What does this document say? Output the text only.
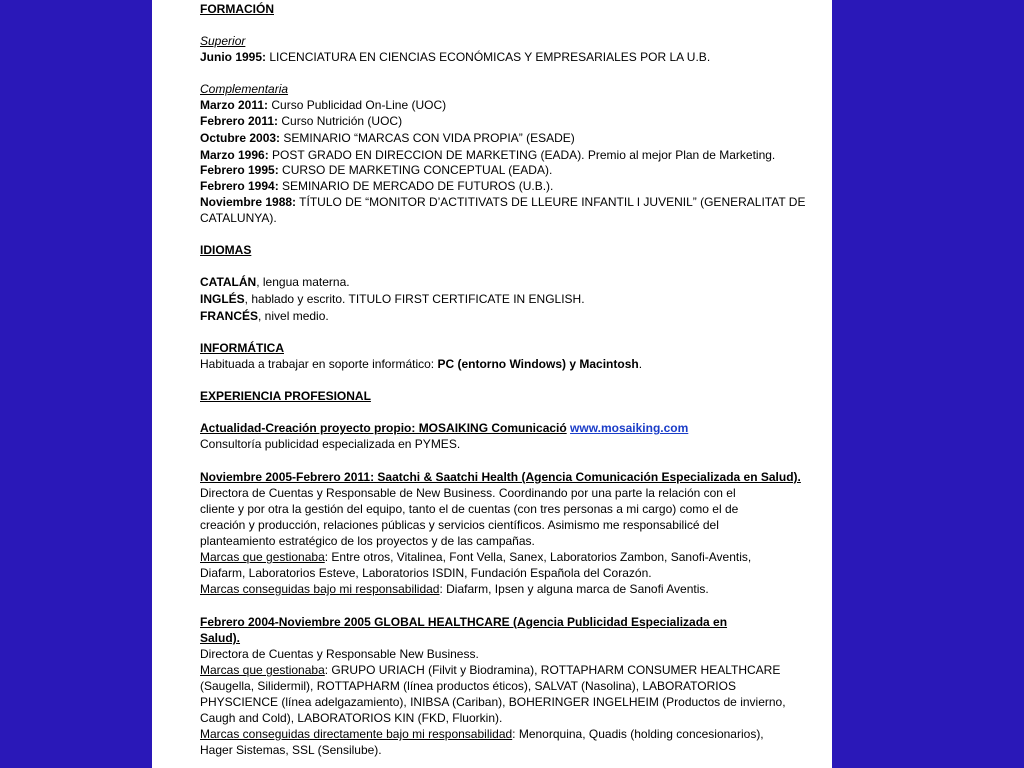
FORMACIÓN
Superior
Junio 1995: LICENCIATURA EN CIENCIAS ECONÓMICAS Y EMPRESARIALES POR LA U.B.
Complementaria
Marzo 2011: Curso Publicidad On-Line (UOC)
Febrero 2011: Curso Nutrición (UOC)
Octubre 2003: SEMINARIO “MARCAS CON VIDA PROPIA” (ESADE)
Marzo 1996: POST GRADO EN DIRECCION DE MARKETING (EADA). Premio al mejor Plan de Marketing.
Febrero 1995: CURSO DE MARKETING CONCEPTUAL (EADA).
Febrero 1994: SEMINARIO DE MERCADO DE FUTUROS (U.B.).
Noviembre 1988: TÍTULO DE “MONITOR D’ACTITIVATS DE LLEURE INFANTIL I JUVENIL” (GENERALITAT DE
CATALUNYA).
IDIOMAS
CATALÁN, lengua materna.
INGLÉS, hablado y escrito. TITULO FIRST CERTIFICATE IN ENGLISH.
FRANCÉS, nivel medio.
INFORMÁTICA
Habituada a trabajar en soporte informático: PC (entorno Windows) y Macintosh.
EXPERIENCIA PROFESIONAL
Actualidad-Creación proyecto propio: MOSAIKING Comunicació www.mosaiking.com
Consultoría publicidad especializada en PYMES.
Noviembre 2005-Febrero 2011: Saatchi & Saatchi Health (Agencia Comunicación Especializada en Salud).
Directora de Cuentas y Responsable de New Business. Coordinando por una parte la relación con el
cliente y por otra la gestión del equipo, tanto el de cuentas (con tres personas a mi cargo) como el de
creación y producción, relaciones públicas y servicios científicos. Asimismo me responsabilicé del
planteamiento estratégico de los proyectos y de las campañas.
Marcas que gestionaba: Entre otros, Vitalinea, Font Vella, Sanex, Laboratorios Zambon, Sanofi-Aventis,
Diafarm, Laboratorios Esteve, Laboratorios ISDIN, Fundación Española del Corazón.
Marcas conseguidas bajo mi responsabilidad: Diafarm, Ipsen y alguna marca de Sanofi Aventis.
Febrero 2004-Noviembre 2005 GLOBAL HEALTHCARE (Agencia Publicidad Especializada en
Salud).
Directora de Cuentas y Responsable New Business.
Marcas que gestionaba: GRUPO URIACH (Filvit y Biodramina), ROTTAPHARM CONSUMER HEALTHCARE
(Saugella, Silidermil), ROTTAPHARM (línea productos éticos), SALVAT (Nasolina), LABORATORIOS
PHYSCIENCE (línea adelgazamiento), INIBSA (Cariban), BOHERINGER INGELHEIM (Productos de invierno,
Caugh and Cold), LABORATORIOS KIN (FKD, Fluorkin).
Marcas conseguidas directamente bajo mi responsabilidad: Menorquina, Quadis (holding concesionarios),
Hager Sistemas, SSL (Sensilube).
